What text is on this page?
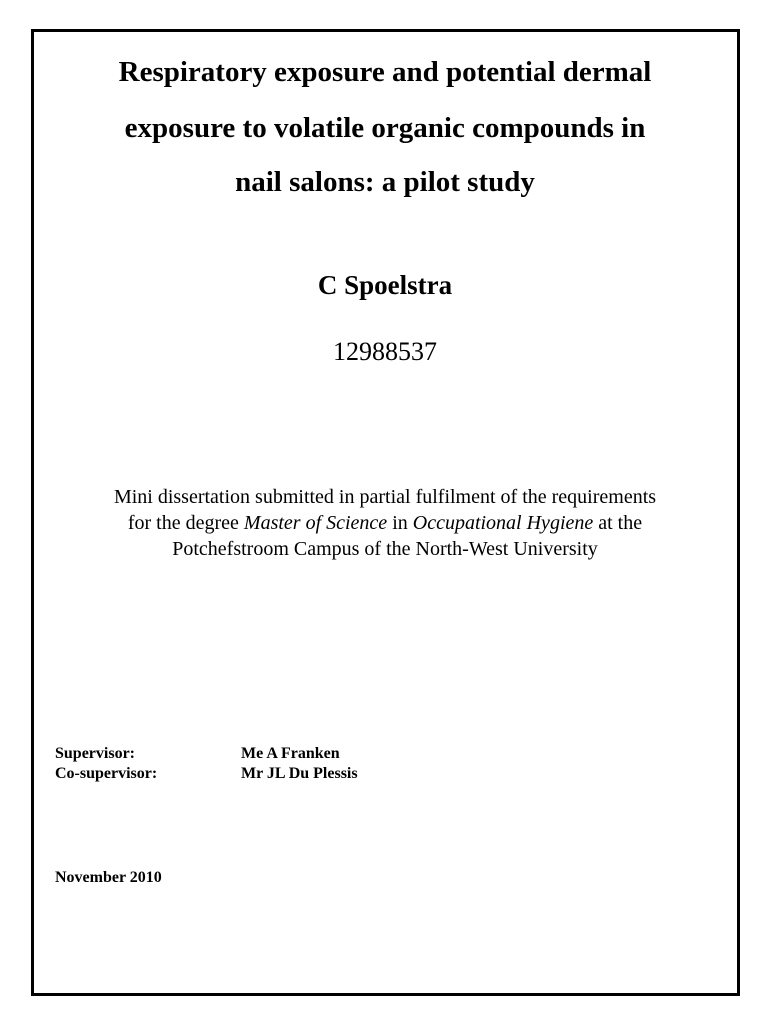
Respiratory exposure and potential dermal
exposure to volatile organic compounds in
nail salons: a pilot study
C Spoelstra
12988537
Mini dissertation submitted in partial fulfilment of the requirements
for the degree Master of Science in Occupational Hygiene at the
Potchefstroom Campus of the North-West University
Supervisor:	Me A Franken
Co-supervisor:	Mr JL Du Plessis
November 2010
